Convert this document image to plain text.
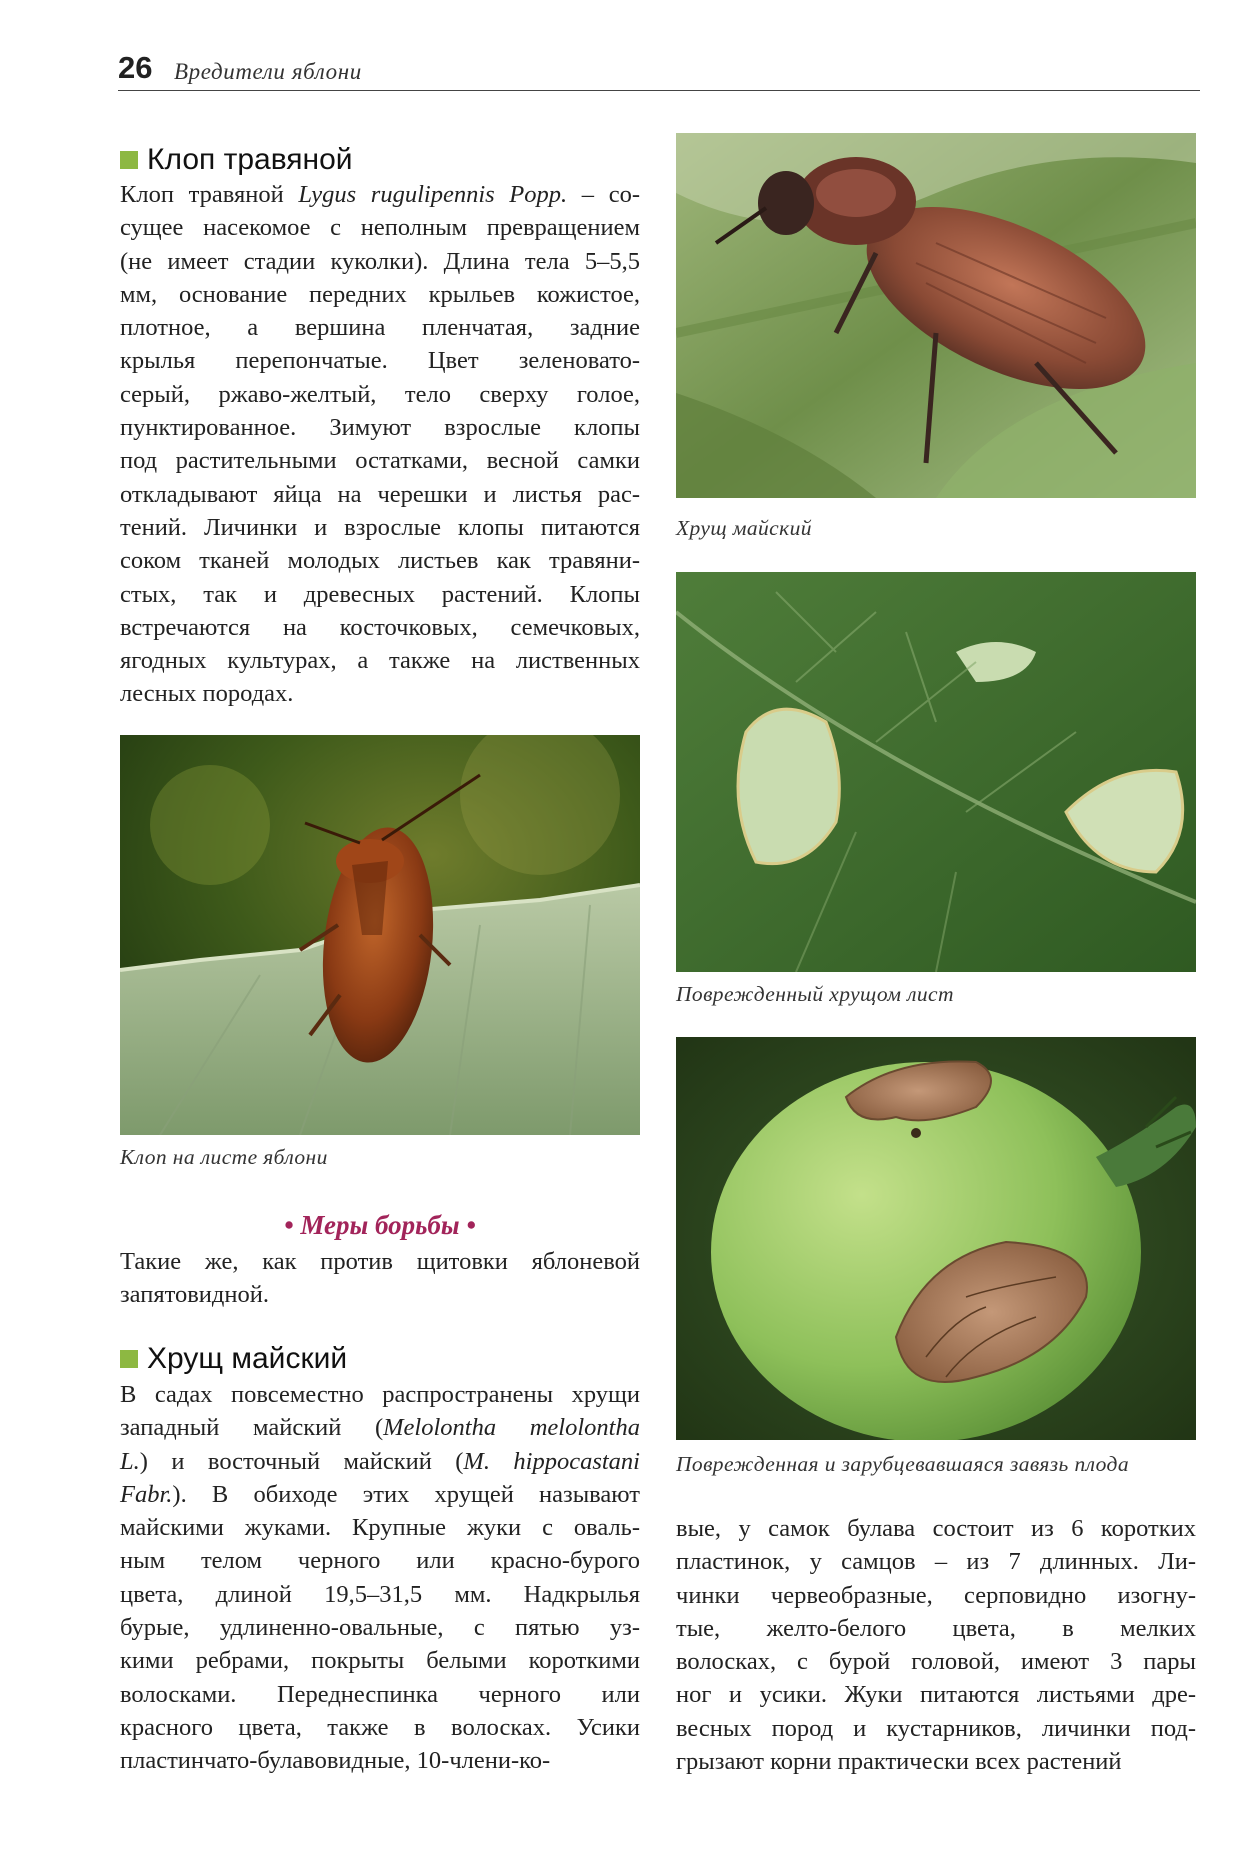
26 Вредители яблони
Клоп травяной
Клоп травяной Lygus rugulipennis Popp. – со-
сущее насекомое с неполным превращением
(не имеет стадии куколки). Длина тела 5–5,5
мм, основание передних крыльев кожистое,
плотное, а вершина пленчатая, задние
крылья перепончатые. Цвет зеленовато-
серый, ржаво-желтый, тело сверху голое,
пунктированное. Зимуют взрослые клопы
под растительными остатками, весной самки
откладывают яйца на черешки и листья рас-
тений. Личинки и взрослые клопы питаются
соком тканей молодых листьев как травяни-
стых, так и древесных растений. Клопы
встречаются на косточковых, семечковых,
ягодных культурах, а также на лиственных
лесных породах.
Клоп на листе яблони
• Меры борьбы •
Такие же, как против щитовки яблоневой
запятовидной.
Хрущ майский
В садах повсеместно распространены хрущи
западный майский (Melolontha melolontha
L.) и восточный майский (M. hippocastani
Fabr.). В обиходе этих хрущей называют
майскими жуками. Крупные жуки с оваль-
ным телом черного или красно-бурого
цвета, длиной 19,5–31,5 мм. Надкрылья
бурые, удлиненно-овальные, с пятью уз-
кими ребрами, покрыты белыми короткими
волосками. Переднеспинка черного или
красного цвета, также в волосках. Усики
пластинчато-булавовидные, 10-члени-ко-
Хрущ майский
Поврежденный хрущом лист
Поврежденная и зарубцевавшаяся завязь плода
вые, у самок булава состоит из 6 коротких
пластинок, у самцов – из 7 длинных. Ли-
чинки червеобразные, серповидно изогну-
тые, желто-белого цвета, в мелких
волосках, с бурой головой, имеют 3 пары
ног и усики. Жуки питаются листьями дре-
весных пород и кустарников, личинки под-
грызают корни практически всех растений
